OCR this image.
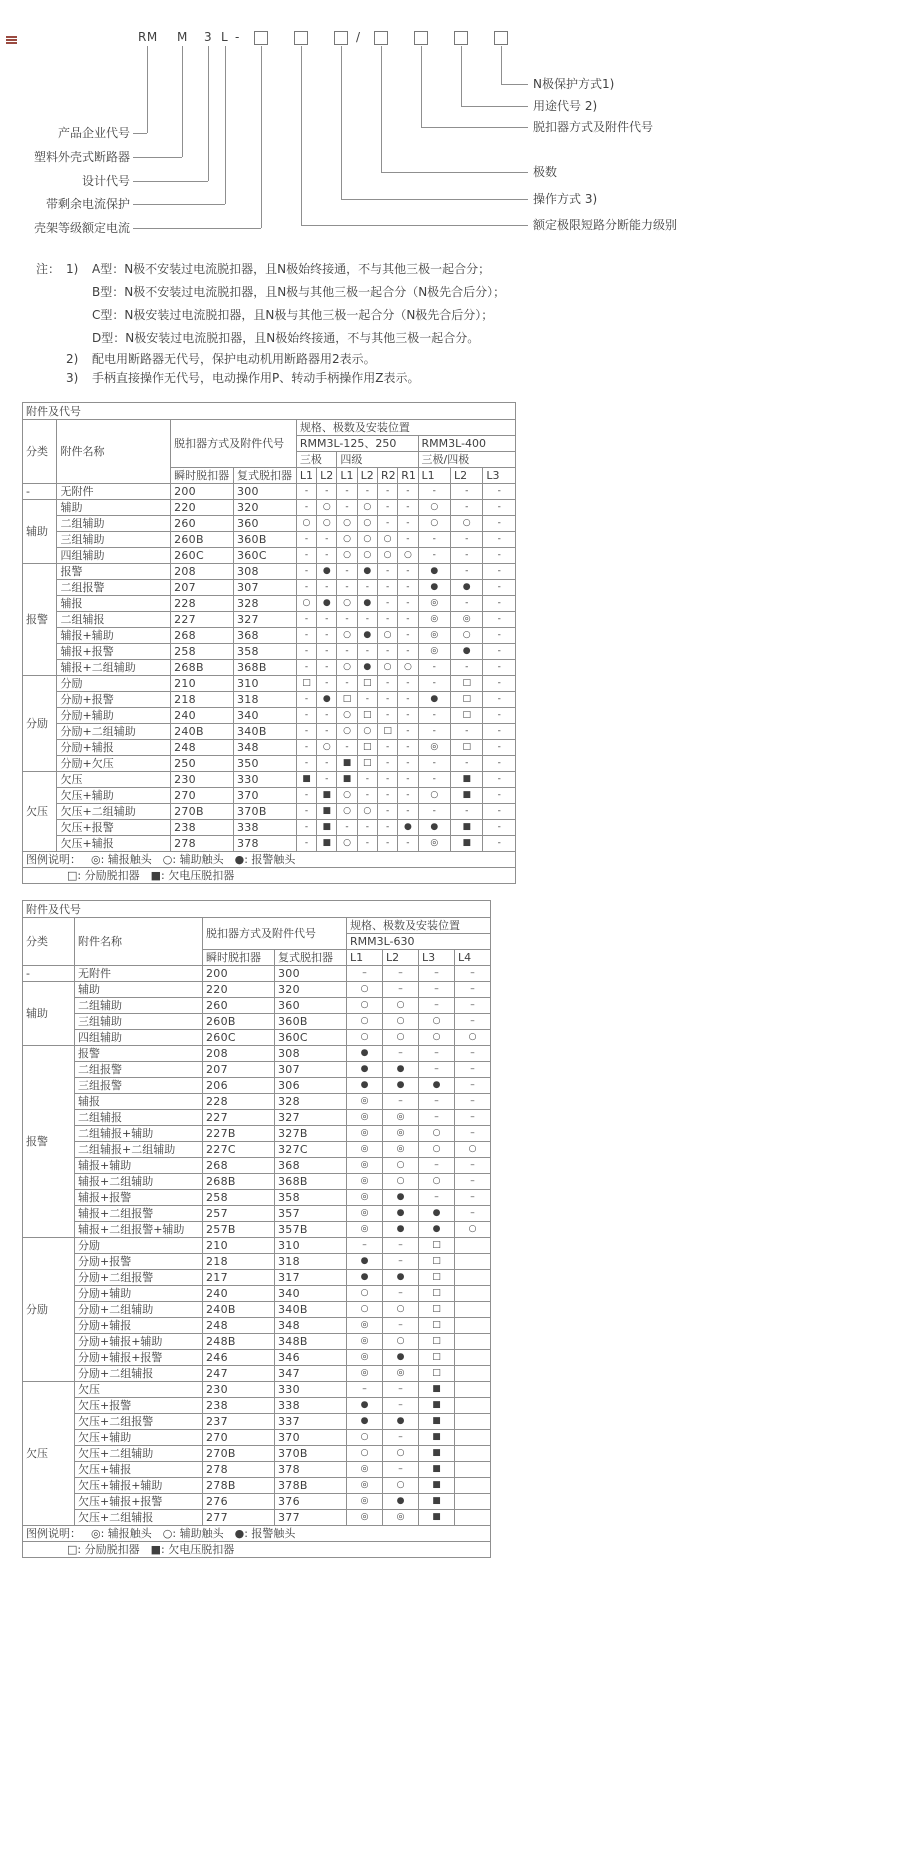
RM M 3 L -	/
产品企业代号
塑料外壳式断路器
设计代号
带剩余电流保护
壳架等级额定电流
N极保护方式1)
用途代号 2)
脱扣器方式及附件代号
极数
操作方式 3)
额定极限短路分断能力级别
注： 1)	A型：N极不安装过电流脱扣器，且N极始终接通，不与其他三极一起合分；
B型：N极不安装过电流脱扣器，且N极与其他三极一起合分（N极先合后分）；
C型：N极安装过电流脱扣器，且N极与其他三极一起合分（N极先合后分）；
D型：N极安装过电流脱扣器，且N极始终接通，不与其他三极一起合分。
2)	配电用断路器无代号，保护电动机用断路器用2表示。
3)	手柄直接操作无代号，电动操作用P、转动手柄操作用Z表示。
附件及代号												
分类	附件名称	脱扣器方式及附件代号		规格、极数及安装位置								
				RMM3L-125、250						RMM3L-400		
				三极		四级				三极/四极		
		瞬时脱扣器	复式脱扣器	L1	L2	L1	L2	R2	R1	L1	L2	L3
-	无附件	200	300	-	-	-	-	-	-	-	-	-
辅助	辅助	220	320	-	○	-	○	-	-	○	-	-
	二组辅助	260	360	○	○	○	○	-	-	○	○	-
	三组辅助	260B	360B	-	-	○	○	○	-	-	-	-
	四组辅助	260C	360C	-	-	○	○	○	○	-	-	-
报警	报警	208	308	-	●	-	●	-	-	●	-	-
	二组报警	207	307	-	-	-	-	-	-	●	●	-
	辅报	228	328	○	●	○	●	-	-	◎	-	-
	二组辅报	227	327	-	-	-	-	-	-	◎	◎	-
	辅报+辅助	268	368	-	-	○	●	○	-	◎	○	-
	辅报+报警	258	358	-	-	-	-	-	-	◎	●	-
	辅报+二组辅助	268B	368B	-	-	○	●	○	○	-	-	-
分励	分励	210	310	□	-	-	□	-	-	-	□	-
	分励+报警	218	318	-	●	□	-	-	-	●	□	-
	分励+辅助	240	340	-	-	○	□	-	-	-	□	-
	分励+二组辅助	240B	340B	-	-	○	○	□	-	-	-	-
	分励+辅报	248	348	-	○	-	□	-	-	◎	□	-
	分励+欠压	250	350	-	-	■	□	-	-	-	-	-
欠压	欠压	230	330	■	-	■	-	-	-	-	■	-
	欠压+辅助	270	370	-	■	○	-	-	-	○	■	-
	欠压+二组辅助	270B	370B	-	■	○	○	-	-	-	-	-
	欠压+报警	238	338	-	■	-	-	-	●	●	■	-
	欠压+辅报	278	378	-	■	○	-	-	-	◎	■	-
图例说明： ◎: 辅报触头　○: 辅助触头　●: 报警触头												
□: 分励脱扣器　■: 欠电压脱扣器												
附件及代号							
分类	附件名称	脱扣器方式及附件代号		规格、极数及安装位置			
				RMM3L-630			
		瞬时脱扣器	复式脱扣器	L1	L2	L3	L4
-	无附件	200	300	–	–	–	–
辅助	辅助	220	320	○	–	–	–
	二组辅助	260	360	○	○	–	–
	三组辅助	260B	360B	○	○	○	–
	四组辅助	260C	360C	○	○	○	○
报警	报警	208	308	●	–	–	–
	二组报警	207	307	●	●	–	–
	三组报警	206	306	●	●	●	–
	辅报	228	328	◎	–	–	–
	二组辅报	227	327	◎	◎	–	–
	二组辅报+辅助	227B	327B	◎	◎	○	–
	二组辅报+二组辅助	227C	327C	◎	◎	○	○
	辅报+辅助	268	368	◎	○	–	–
	辅报+二组辅助	268B	368B	◎	○	○	–
	辅报+报警	258	358	◎	●	–	–
	辅报+二组报警	257	357	◎	●	●	–
	辅报+二组报警+辅助	257B	357B	◎	●	●	○
分励	分励	210	310	–	–	□	
	分励+报警	218	318	●	–	□	
	分励+二组报警	217	317	●	●	□	
	分励+辅助	240	340	○	–	□	
	分励+二组辅助	240B	340B	○	○	□	
	分励+辅报	248	348	◎	–	□	
	分励+辅报+辅助	248B	348B	◎	○	□	
	分励+辅报+报警	246	346	◎	●	□	
	分励+二组辅报	247	347	◎	◎	□	
欠压	欠压	230	330	–	–	■	
	欠压+报警	238	338	●	–	■	
	欠压+二组报警	237	337	●	●	■	
	欠压+辅助	270	370	○	–	■	
	欠压+二组辅助	270B	370B	○	○	■	
	欠压+辅报	278	378	◎	–	■	
	欠压+辅报+辅助	278B	378B	◎	○	■	
	欠压+辅报+报警	276	376	◎	●	■	
	欠压+二组辅报	277	377	◎	◎	■	
图例说明： ◎: 辅报触头　○: 辅助触头　●: 报警触头							
□: 分励脱扣器　■: 欠电压脱扣器							
